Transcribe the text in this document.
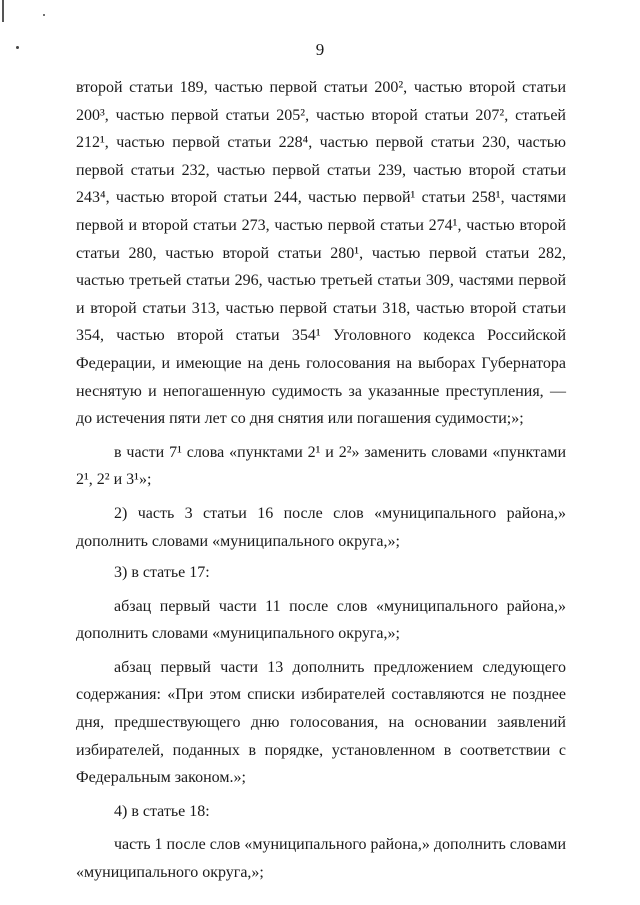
9

второй статьи 189, частью первой статьи 200², частью второй статьи 200³, частью первой статьи 205², частью второй статьи 207², статьей 212¹, частью первой статьи 228⁴, частью первой статьи 230, частью первой статьи 232, частью первой статьи 239, частью второй статьи 243⁴, частью второй статьи 244, частью первой¹ статьи 258¹, частями первой и второй статьи 273, частью первой статьи 274¹, частью второй статьи 280, частью второй статьи 280¹, частью первой статьи 282, частью третьей статьи 296, частью третьей статьи 309, частями первой и второй статьи 313, частью первой статьи 318, частью второй статьи 354, частью второй статьи 354¹ Уголовного кодекса Российской Федерации, и имеющие на день голосования на выборах Губернатора неснятую и непогашенную судимость за указанные преступления, — до истечения пяти лет со дня снятия или погашения судимости;»;

в части 7¹ слова «пунктами 2¹ и 2²» заменить словами «пунктами 2¹, 2² и 3¹»;

2) часть 3 статьи 16 после слов «муниципального района,» дополнить словами «муниципального округа,»;

3) в статье 17:

абзац первый части 11 после слов «муниципального района,» дополнить словами «муниципального округа,»;

абзац первый части 13 дополнить предложением следующего содержания: «При этом списки избирателей составляются не позднее дня, предшествующего дню голосования, на основании заявлений избирателей, поданных в порядке, установленном в соответствии с Федеральным законом.»;

4) в статье 18:

часть 1 после слов «муниципального района,» дополнить словами «муниципального округа,»;
